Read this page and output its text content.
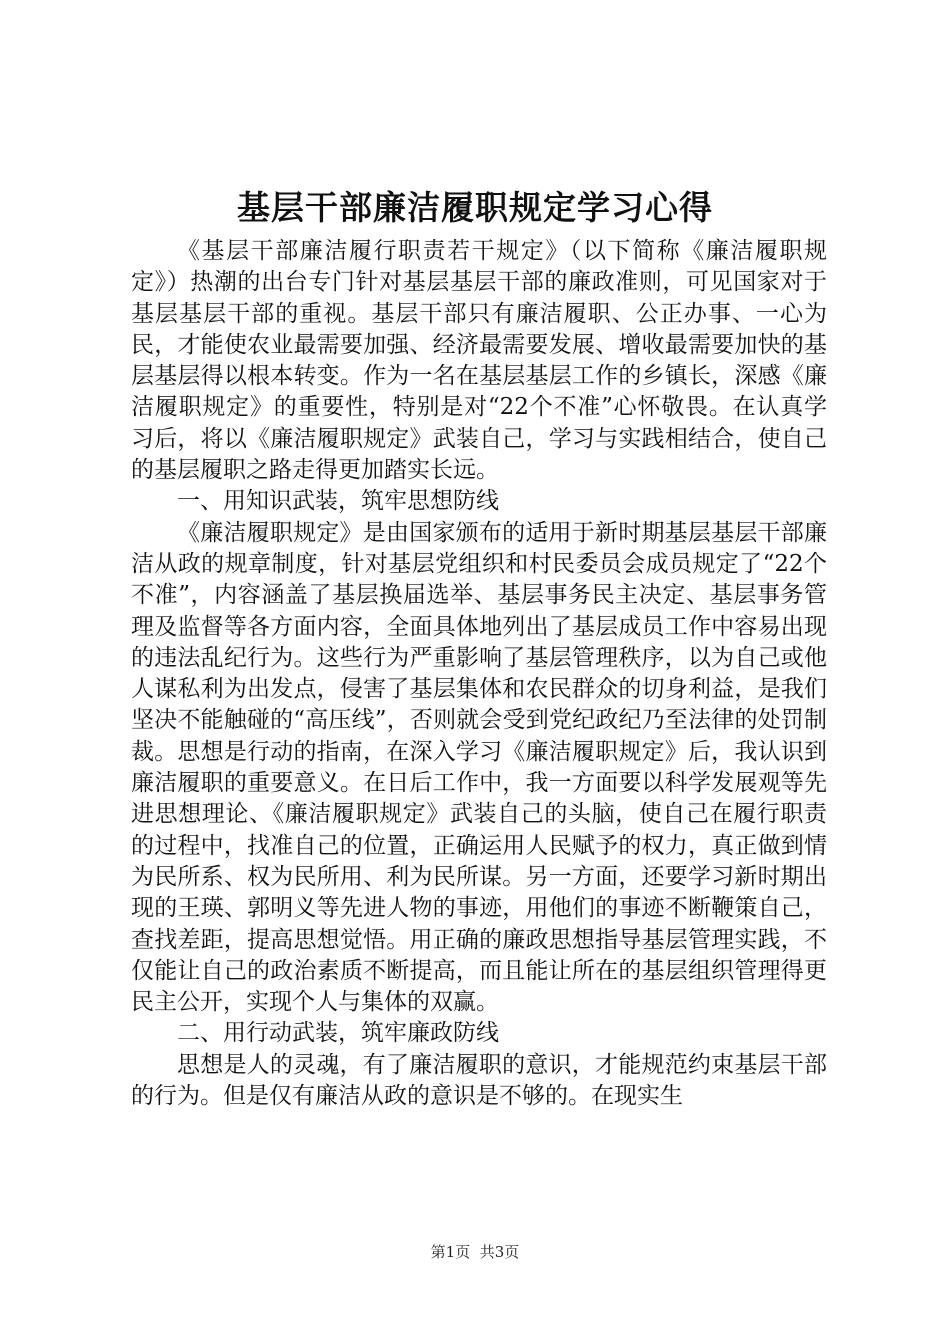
基层干部廉洁履职规定学习心得

《基层干部廉洁履行职责若干规定》（以下简称《廉洁履职规定》）热潮的出台专门针对基层基层干部的廉政准则，可见国家对于基层基层干部的重视。基层干部只有廉洁履职、公正办事、一心为民，才能使农业最需要加强、经济最需要发展、增收最需要加快的基层基层得以根本转变。作为一名在基层基层工作的乡镇长，深感《廉洁履职规定》的重要性，特别是对“22个不准”心怀敬畏。在认真学习后，将以《廉洁履职规定》武装自己，学习与实践相结合，使自己的基层履职之路走得更加踏实长远。

一、用知识武装，筑牢思想防线

《廉洁履职规定》是由国家颁布的适用于新时期基层基层干部廉洁从政的规章制度，针对基层党组织和村民委员会成员规定了“22个不准”，内容涵盖了基层换届选举、基层事务民主决定、基层事务管理及监督等各方面内容，全面具体地列出了基层成员工作中容易出现的违法乱纪行为。这些行为严重影响了基层管理秩序，以为自己或他人谋私利为出发点，侵害了基层集体和农民群众的切身利益，是我们坚决不能触碰的“高压线”，否则就会受到党纪政纪乃至法律的处罚制裁。思想是行动的指南，在深入学习《廉洁履职规定》后，我认识到廉洁履职的重要意义。在日后工作中，我一方面要以科学发展观等先进思想理论、《廉洁履职规定》武装自己的头脑，使自己在履行职责的过程中，找准自己的位置，正确运用人民赋予的权力，真正做到情为民所系、权为民所用、利为民所谋。另一方面，还要学习新时期出现的王瑛、郭明义等先进人物的事迹，用他们的事迹不断鞭策自己，查找差距，提高思想觉悟。用正确的廉政思想指导基层管理实践，不仅能让自己的政治素质不断提高，而且能让所在的基层组织管理得更民主公开，实现个人与集体的双赢。

二、用行动武装，筑牢廉政防线

思想是人的灵魂，有了廉洁履职的意识，才能规范约束基层干部的行为。但是仅有廉洁从政的意识是不够的。在现实生

第1页 共3页
